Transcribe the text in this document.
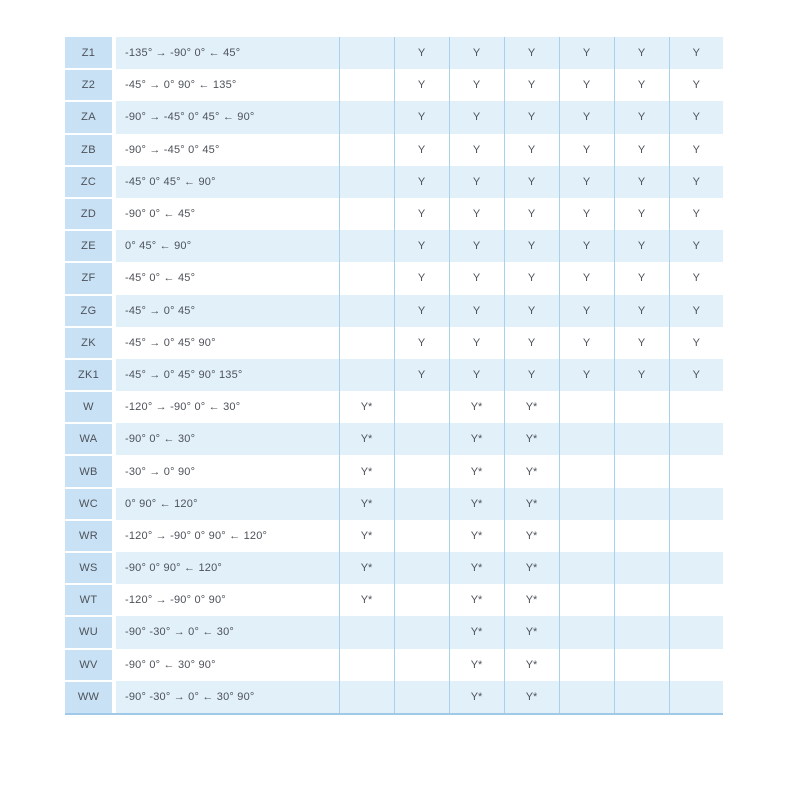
Z1	-135° → -90° 0° ← 45°		Y	Y	Y	Y	Y	Y
Z2	-45° → 0° 90° ← 135°		Y	Y	Y	Y	Y	Y
ZA	-90° → -45° 0° 45° ← 90°		Y	Y	Y	Y	Y	Y
ZB	-90° → -45° 0° 45°		Y	Y	Y	Y	Y	Y
ZC	-45° 0° 45° ← 90°		Y	Y	Y	Y	Y	Y
ZD	-90° 0° ← 45°		Y	Y	Y	Y	Y	Y
ZE	0° 45° ← 90°		Y	Y	Y	Y	Y	Y
ZF	-45° 0° ← 45°		Y	Y	Y	Y	Y	Y
ZG	-45° → 0° 45°		Y	Y	Y	Y	Y	Y
ZK	-45° → 0° 45° 90°		Y	Y	Y	Y	Y	Y
ZK1	-45° → 0° 45° 90° 135°		Y	Y	Y	Y	Y	Y
W	-120° → -90° 0° ← 30°	Y*		Y*	Y*			
WA	-90° 0° ← 30°	Y*		Y*	Y*			
WB	-30° → 0° 90°	Y*		Y*	Y*			
WC	0° 90° ← 120°	Y*		Y*	Y*			
WR	-120° → -90° 0° 90° ← 120°	Y*		Y*	Y*			
WS	-90° 0° 90° ← 120°	Y*		Y*	Y*			
WT	-120° → -90° 0° 90°	Y*		Y*	Y*			
WU	-90° -30° → 0° ← 30°			Y*	Y*			
WV	-90° 0° ← 30° 90°			Y*	Y*			
WW	-90° -30° → 0° ← 30° 90°			Y*	Y*			
